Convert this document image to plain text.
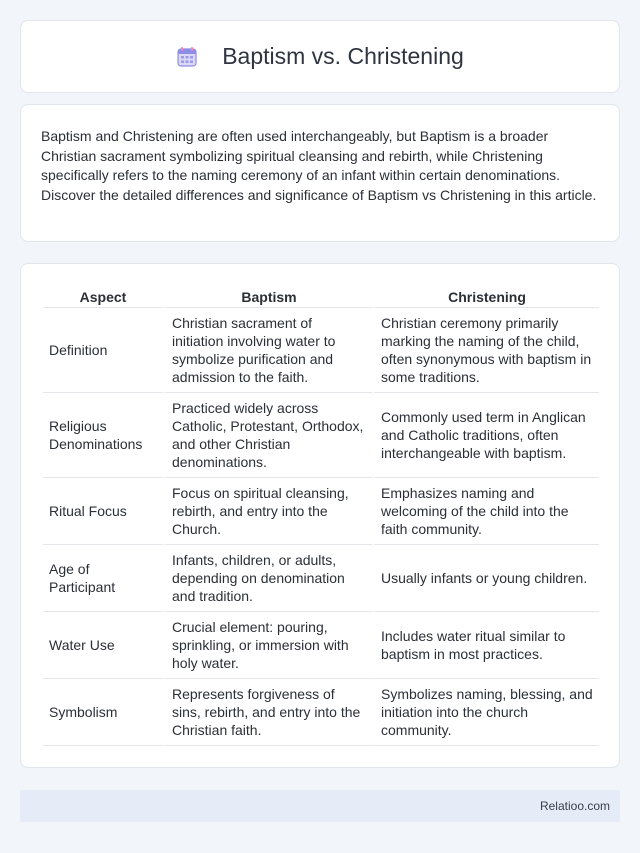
Baptism vs. Christening

Baptism and Christening are often used interchangeably, but Baptism is a broader Christian sacrament symbolizing spiritual cleansing and rebirth, while Christening specifically refers to the naming ceremony of an infant within certain denominations. Discover the detailed differences and significance of Baptism vs Christening in this article.

Aspect	Baptism	Christening
Definition	Christian sacrament of initiation involving water to symbolize purification and admission to the faith.	Christian ceremony primarily marking the naming of the child, often synonymous with baptism in some traditions.
Religious Denominations	Practiced widely across Catholic, Protestant, Orthodox, and other Christian denominations.	Commonly used term in Anglican and Catholic traditions, often interchangeable with baptism.
Ritual Focus	Focus on spiritual cleansing, rebirth, and entry into the Church.	Emphasizes naming and welcoming of the child into the faith community.
Age of Participant	Infants, children, or adults, depending on denomination and tradition.	Usually infants or young children.
Water Use	Crucial element: pouring, sprinkling, or immersion with holy water.	Includes water ritual similar to baptism in most practices.
Symbolism	Represents forgiveness of sins, rebirth, and entry into the Christian faith.	Symbolizes naming, blessing, and initiation into the church community.
Relatioo.com
